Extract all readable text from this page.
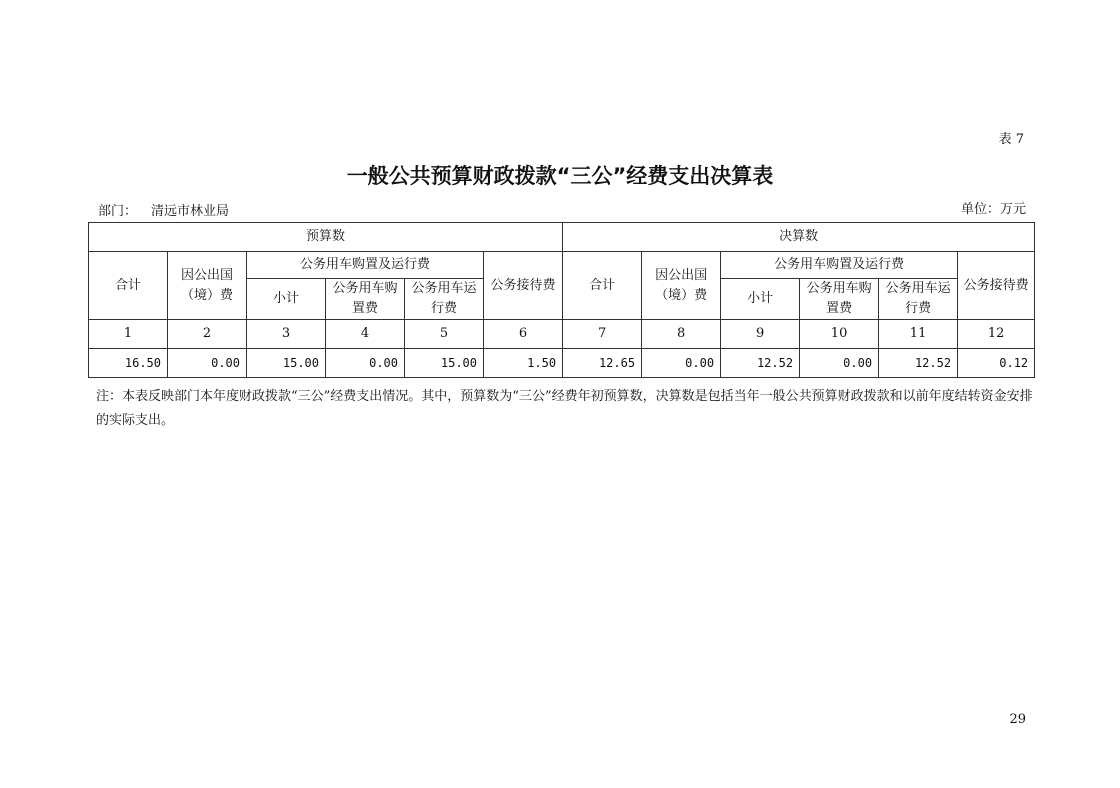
表 7
一般公共预算财政拨款“三公”经费支出决算表
部门： 清远市林业局	单位：万元
预算数						决算数					
合计	因公出国（境）费	公务用车购置及运行费			公务接待费	合计	因公出国（境）费	公务用车购置及运行费			公务接待费
		小计	公务用车购置费	公务用车运行费				小计	公务用车购置费	公务用车运行费	
1	2	3	4	5	6	7	8	9	10	11	12
16.50	0.00	15.00	0.00	15.00	1.50	12.65	0.00	12.52	0.00	12.52	0.12
注：本表反映部门本年度财政拨款“三公”经费支出情况。其中，预算数为“三公”经费年初预算数，决算数是包括当年一般公共预算财政拨款和以前年度结转资金安排的实际支出。
29
